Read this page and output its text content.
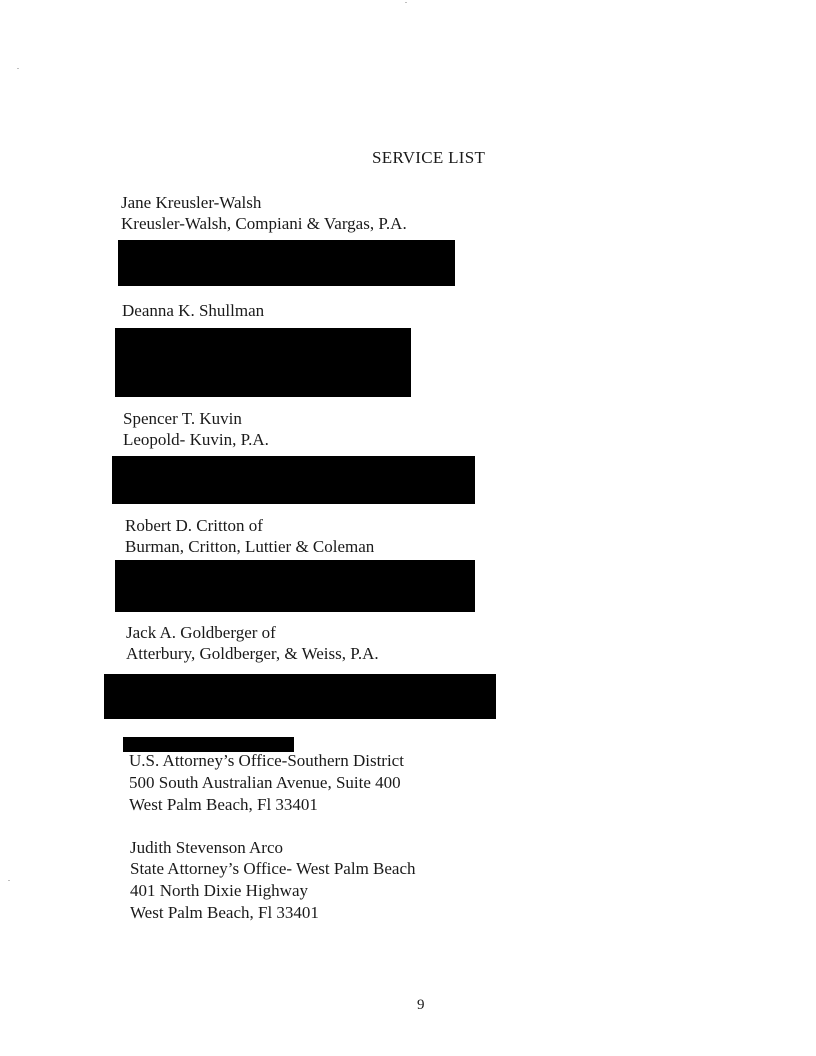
SERVICE LIST
Jane Kreusler-Walsh
Kreusler-Walsh, Compiani & Vargas, P.A.
Deanna K. Shullman
Spencer T. Kuvin
Leopold- Kuvin, P.A.
Robert D. Critton of
Burman, Critton, Luttier & Coleman
Jack A. Goldberger of
Atterbury, Goldberger, & Weiss, P.A.
U.S. Attorney’s Office-Southern District
500 South Australian Avenue, Suite 400
West Palm Beach, Fl 33401
Judith Stevenson Arco
State Attorney’s Office- West Palm Beach
401 North Dixie Highway
West Palm Beach, Fl 33401
9
